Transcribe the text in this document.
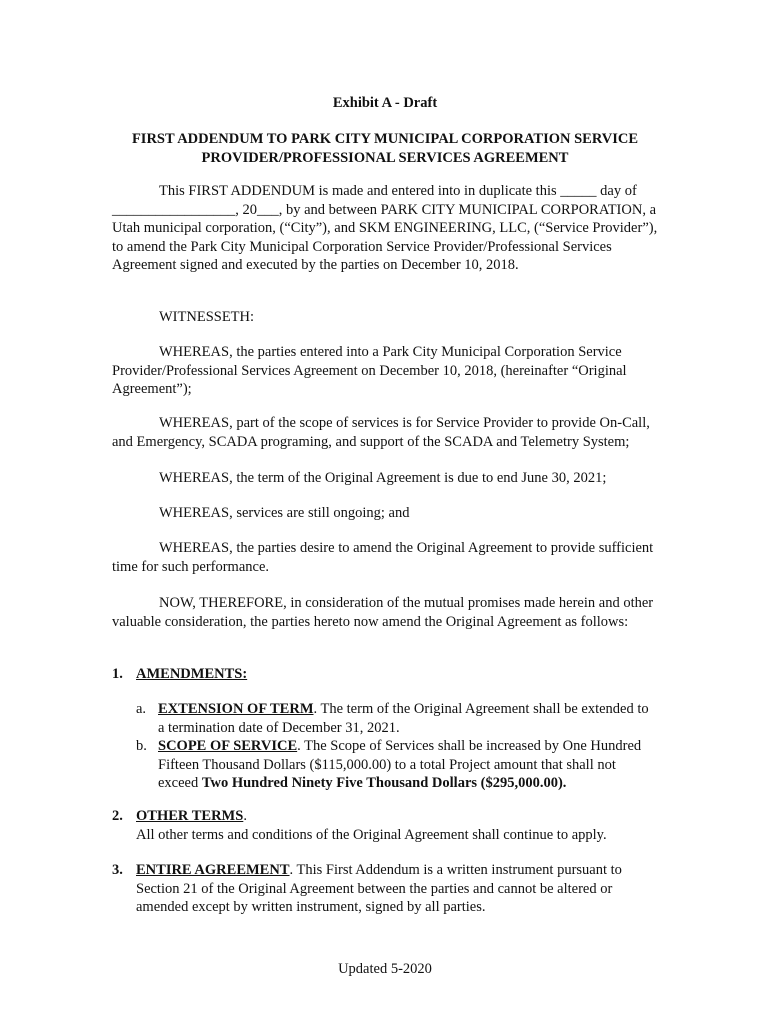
Exhibit A - Draft
FIRST ADDENDUM TO PARK CITY MUNICIPAL CORPORATION SERVICE
PROVIDER/PROFESSIONAL SERVICES AGREEMENT
This FIRST ADDENDUM is made and entered into in duplicate this _____ day of _________________, 20___, by and between PARK CITY MUNICIPAL CORPORATION, a Utah municipal corporation, (“City”), and SKM ENGINEERING, LLC, (“Service Provider”), to amend the Park City Municipal Corporation Service Provider/Professional Services Agreement signed and executed by the parties on December 10, 2018.
WITNESSETH:
WHEREAS, the parties entered into a Park City Municipal Corporation Service Provider/Professional Services Agreement on December 10, 2018, (hereinafter “Original Agreement”);
WHEREAS, part of the scope of services is for Service Provider to provide On-Call, and Emergency, SCADA programing, and support of the SCADA and Telemetry System;
WHEREAS, the term of the Original Agreement is due to end June 30, 2021;
WHEREAS, services are still ongoing; and
WHEREAS, the parties desire to amend the Original Agreement to provide sufficient time for such performance.
NOW, THEREFORE, in consideration of the mutual promises made herein and other valuable consideration, the parties hereto now amend the Original Agreement as follows:
1. AMENDMENTS:
a. EXTENSION OF TERM. The term of the Original Agreement shall be extended to a termination date of December 31, 2021.
b. SCOPE OF SERVICE. The Scope of Services shall be increased by One Hundred Fifteen Thousand Dollars ($115,000.00) to a total Project amount that shall not exceed Two Hundred Ninety Five Thousand Dollars ($295,000.00).
2. OTHER TERMS.
All other terms and conditions of the Original Agreement shall continue to apply.
3. ENTIRE AGREEMENT. This First Addendum is a written instrument pursuant to Section 21 of the Original Agreement between the parties and cannot be altered or amended except by written instrument, signed by all parties.
Updated 5-2020
